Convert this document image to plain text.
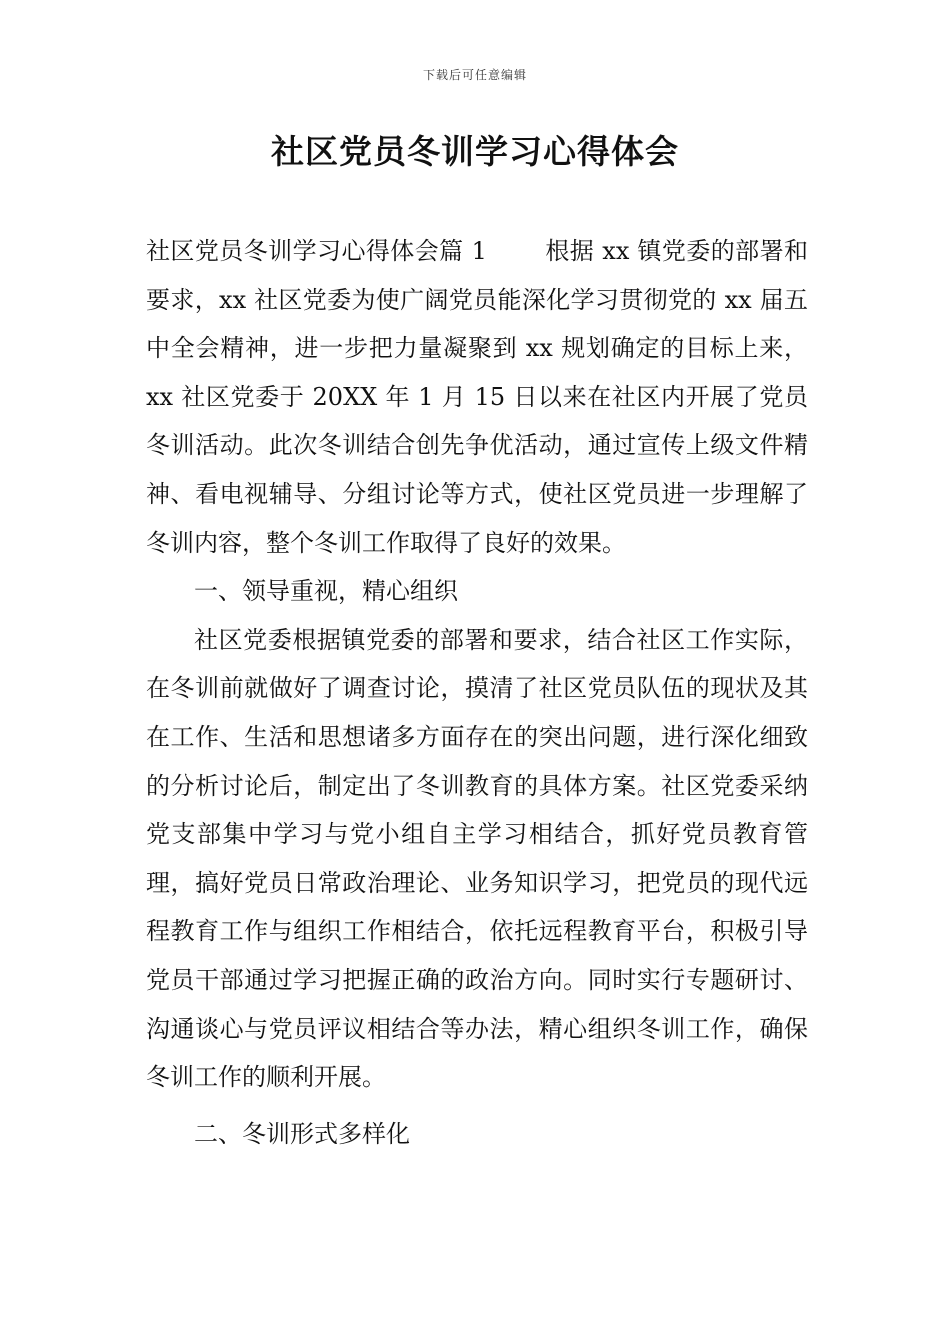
下载后可任意编辑
社区党员冬训学习心得体会

社区党员冬训学习心得体会篇 1 根据 xx 镇党委的部署和要求，xx 社区党委为使广阔党员能深化学习贯彻党的 xx 届五中全会精神，进一步把力量凝聚到 xx 规划确定的目标上来，xx 社区党委于 20XX 年 1 月 15 日以来在社区内开展了党员冬训活动。此次冬训结合创先争优活动，通过宣传上级文件精神、看电视辅导、分组讨论等方式，使社区党员进一步理解了冬训内容，整个冬训工作取得了良好的效果。

一、领导重视，精心组织

社区党委根据镇党委的部署和要求，结合社区工作实际，在冬训前就做好了调查讨论，摸清了社区党员队伍的现状及其在工作、生活和思想诸多方面存在的突出问题，进行深化细致的分析讨论后，制定出了冬训教育的具体方案。社区党委采纳党支部集中学习与党小组自主学习相结合，抓好党员教育管理，搞好党员日常政治理论、业务知识学习，把党员的现代远程教育工作与组织工作相结合，依托远程教育平台，积极引导党员干部通过学习把握正确的政治方向。同时实行专题研讨、沟通谈心与党员评议相结合等办法，精心组织冬训工作，确保冬训工作的顺利开展。

二、冬训形式多样化
